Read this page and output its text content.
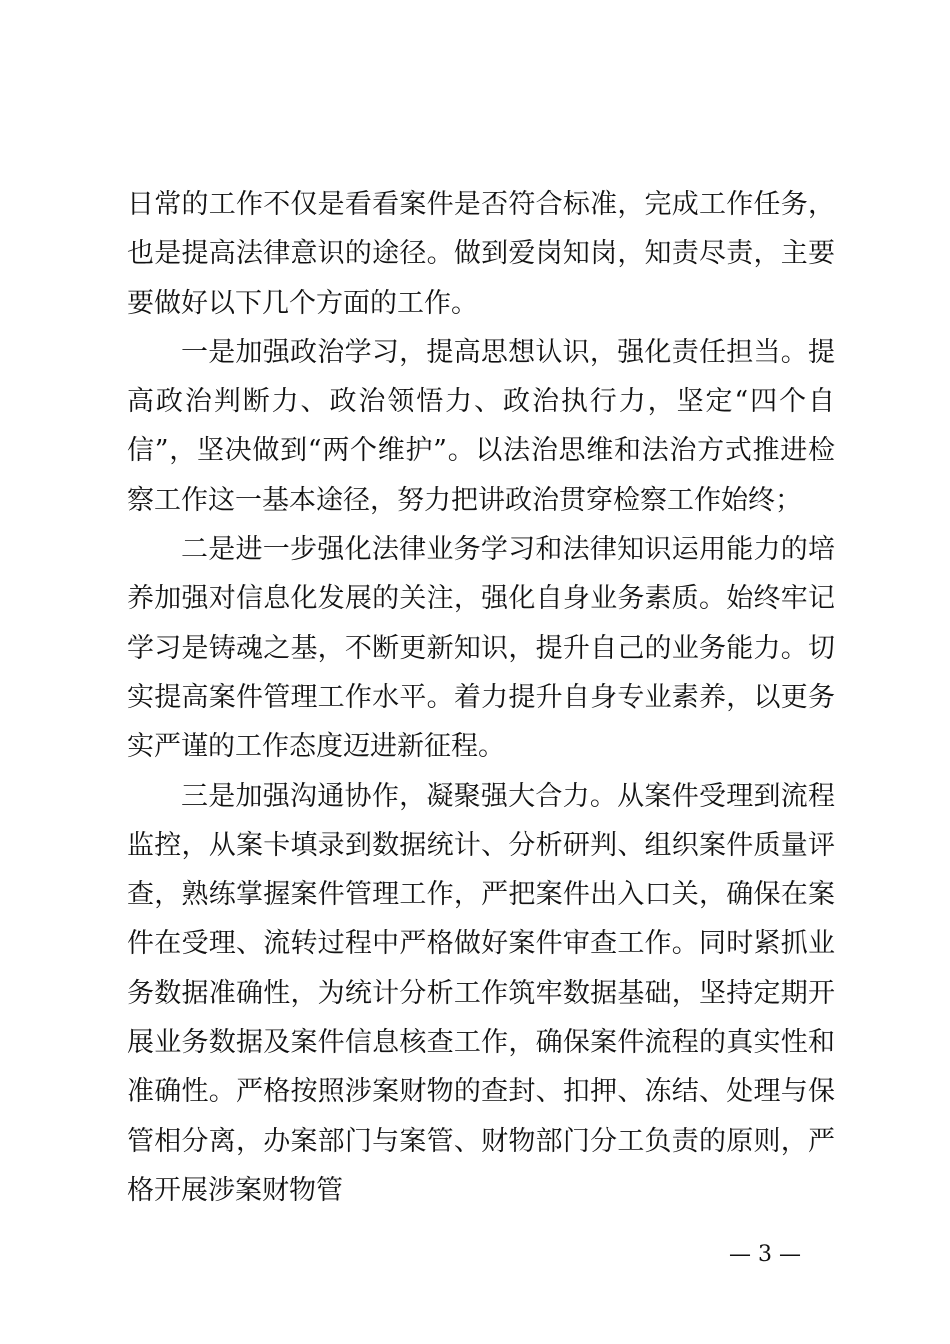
日常的工作不仅是看看案件是否符合标准，完成工作任务，也是提高法律意识的途径。做到爱岗知岗，知责尽责，主要要做好以下几个方面的工作。

一是加强政治学习，提高思想认识，强化责任担当。提高政治判断力、政治领悟力、政治执行力，坚定“四个自信”，坚决做到“两个维护”。以法治思维和法治方式推进检察工作这一基本途径，努力把讲政治贯穿检察工作始终；

二是进一步强化法律业务学习和法律知识运用能力的培养加强对信息化发展的关注，强化自身业务素质。始终牢记学习是铸魂之基，不断更新知识，提升自己的业务能力。切实提高案件管理工作水平。着力提升自身专业素养，以更务实严谨的工作态度迈进新征程。

三是加强沟通协作，凝聚强大合力。从案件受理到流程监控，从案卡填录到数据统计、分析研判、组织案件质量评查，熟练掌握案件管理工作，严把案件出入口关，确保在案件在受理、流转过程中严格做好案件审查工作。同时紧抓业务数据准确性，为统计分析工作筑牢数据基础，坚持定期开展业务数据及案件信息核查工作，确保案件流程的真实性和准确性。严格按照涉案财物的查封、扣押、冻结、处理与保管相分离，办案部门与案管、财物部门分工负责的原则，严格开展涉案财物管

— 3 —
